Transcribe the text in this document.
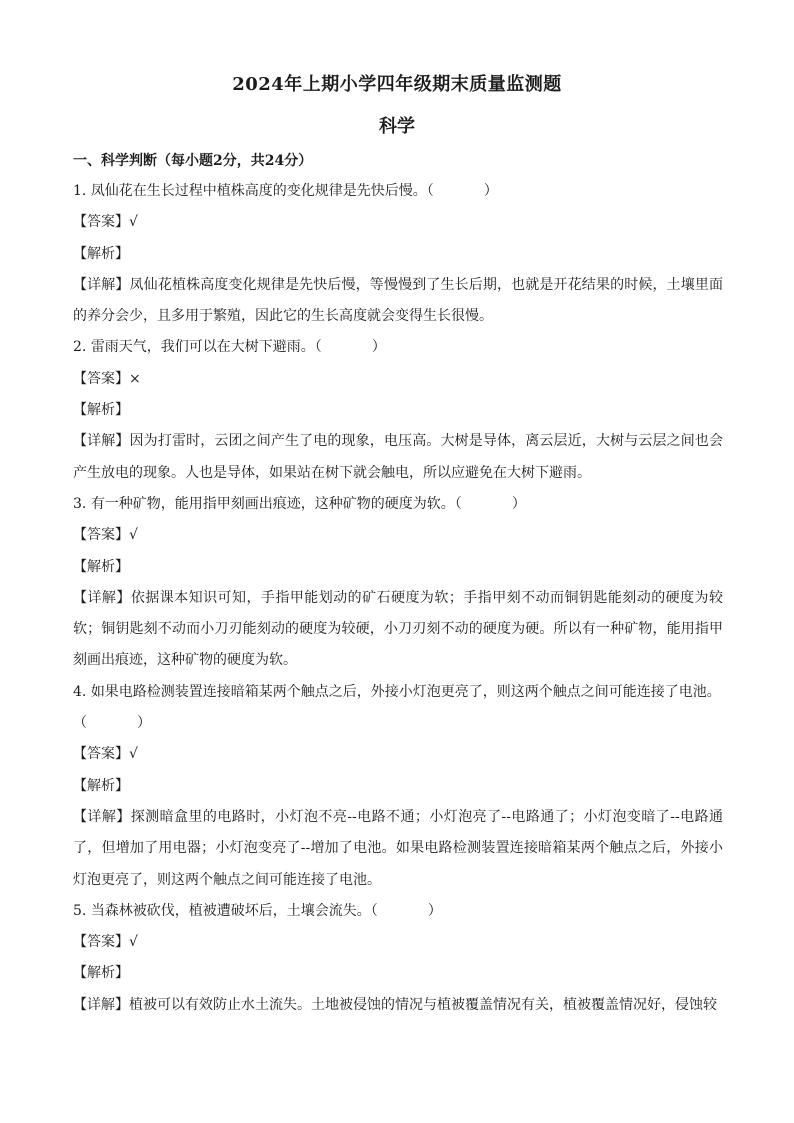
2024年上期小学四年级期末质量监测题
科学
一、科学判断（每小题2分，共24分）
1. 凤仙花在生长过程中植株高度的变化规律是先快后慢。（	）
【答案】√
【解析】
【详解】凤仙花植株高度变化规律是先快后慢，等慢慢到了生长后期，也就是开花结果的时候，土壤里面的养分会少，且多用于繁殖，因此它的生长高度就会变得生长很慢。
2. 雷雨天气，我们可以在大树下避雨。（	）
【答案】×
【解析】
【详解】因为打雷时，云团之间产生了电的现象，电压高。大树是导体，离云层近，大树与云层之间也会产生放电的现象。人也是导体，如果站在树下就会触电，所以应避免在大树下避雨。
3. 有一种矿物，能用指甲刻画出痕迹，这种矿物的硬度为软。（	）
【答案】√
【解析】
【详解】依据课本知识可知，手指甲能划动的矿石硬度为软；手指甲刻不动而铜钥匙能刻动的硬度为较软；铜钥匙刻不动而小刀刃能刻动的硬度为较硬，小刀刃刻不动的硬度为硬。所以有一种矿物，能用指甲刻画出痕迹，这种矿物的硬度为软。
4. 如果电路检测装置连接暗箱某两个触点之后，外接小灯泡更亮了，则这两个触点之间可能连接了电池。
（	）
【答案】√
【解析】
【详解】探测暗盒里的电路时，小灯泡不亮--电路不通；小灯泡亮了--电路通了；小灯泡变暗了--电路通了，但增加了用电器；小灯泡变亮了--增加了电池。如果电路检测装置连接暗箱某两个触点之后，外接小灯泡更亮了，则这两个触点之间可能连接了电池。
5. 当森林被砍伐，植被遭破坏后，土壤会流失。（	）
【答案】√
【解析】
【详解】植被可以有效防止水土流失。土地被侵蚀的情况与植被覆盖情况有关，植被覆盖情况好，侵蚀较
